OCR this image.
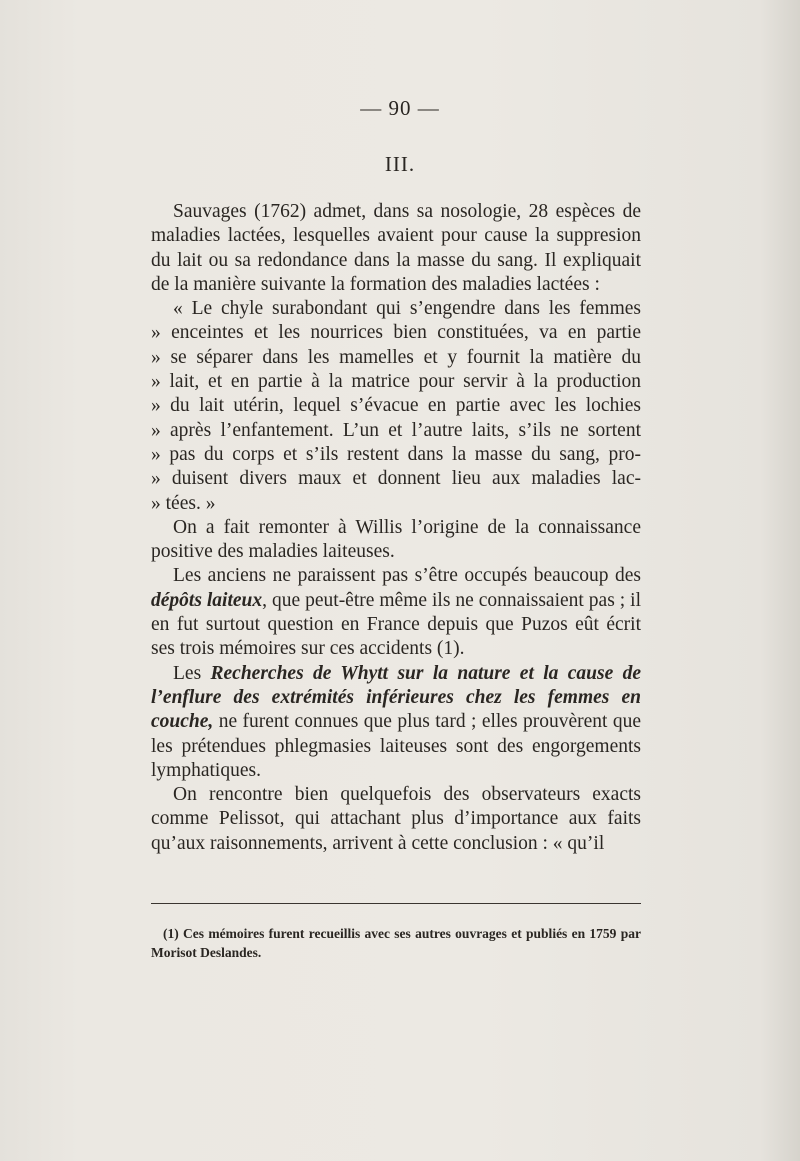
— 90 —
III.

Sauvages (1762) admet, dans sa nosologie, 28 espèces de maladies lactées, lesquelles avaient pour cause la suppresion du lait ou sa redondance dans la masse du sang. Il expliquait de la manière suivante la formation des maladies lactées :

« Le chyle surabondant qui s’engendre dans les femmes
» enceintes et les nourrices bien constituées, va en partie
» se séparer dans les mamelles et y fournit la matière du
» lait, et en partie à la matrice pour servir à la production
» du lait utérin, lequel s’évacue en partie avec les lochies
» après l’enfantement. L’un et l’autre laits, s’ils ne sortent
» pas du corps et s’ils restent dans la masse du sang, pro-
» duisent divers maux et donnent lieu aux maladies lac-
» tées. »

On a fait remonter à Willis l’origine de la connaissance positive des maladies laiteuses.

Les anciens ne paraissent pas s’être occupés beaucoup des dépôts laiteux, que peut-être même ils ne connaissaient pas ; il en fut surtout question en France depuis que Puzos eût écrit ses trois mémoires sur ces accidents (1).

Les Recherches de Whytt sur la nature et la cause de l’enflure des extrémités inférieures chez les femmes en couche, ne furent connues que plus tard ; elles prouvèrent que les prétendues phlegmasies laiteuses sont des engorgements lymphatiques.

On rencontre bien quelquefois des observateurs exacts comme Pelissot, qui attachant plus d’importance aux faits qu’aux raisonnements, arrivent à cette conclusion : « qu’il

(1) Ces mémoires furent recueillis avec ses autres ouvrages et publiés en 1759 par Morisot Deslandes.
